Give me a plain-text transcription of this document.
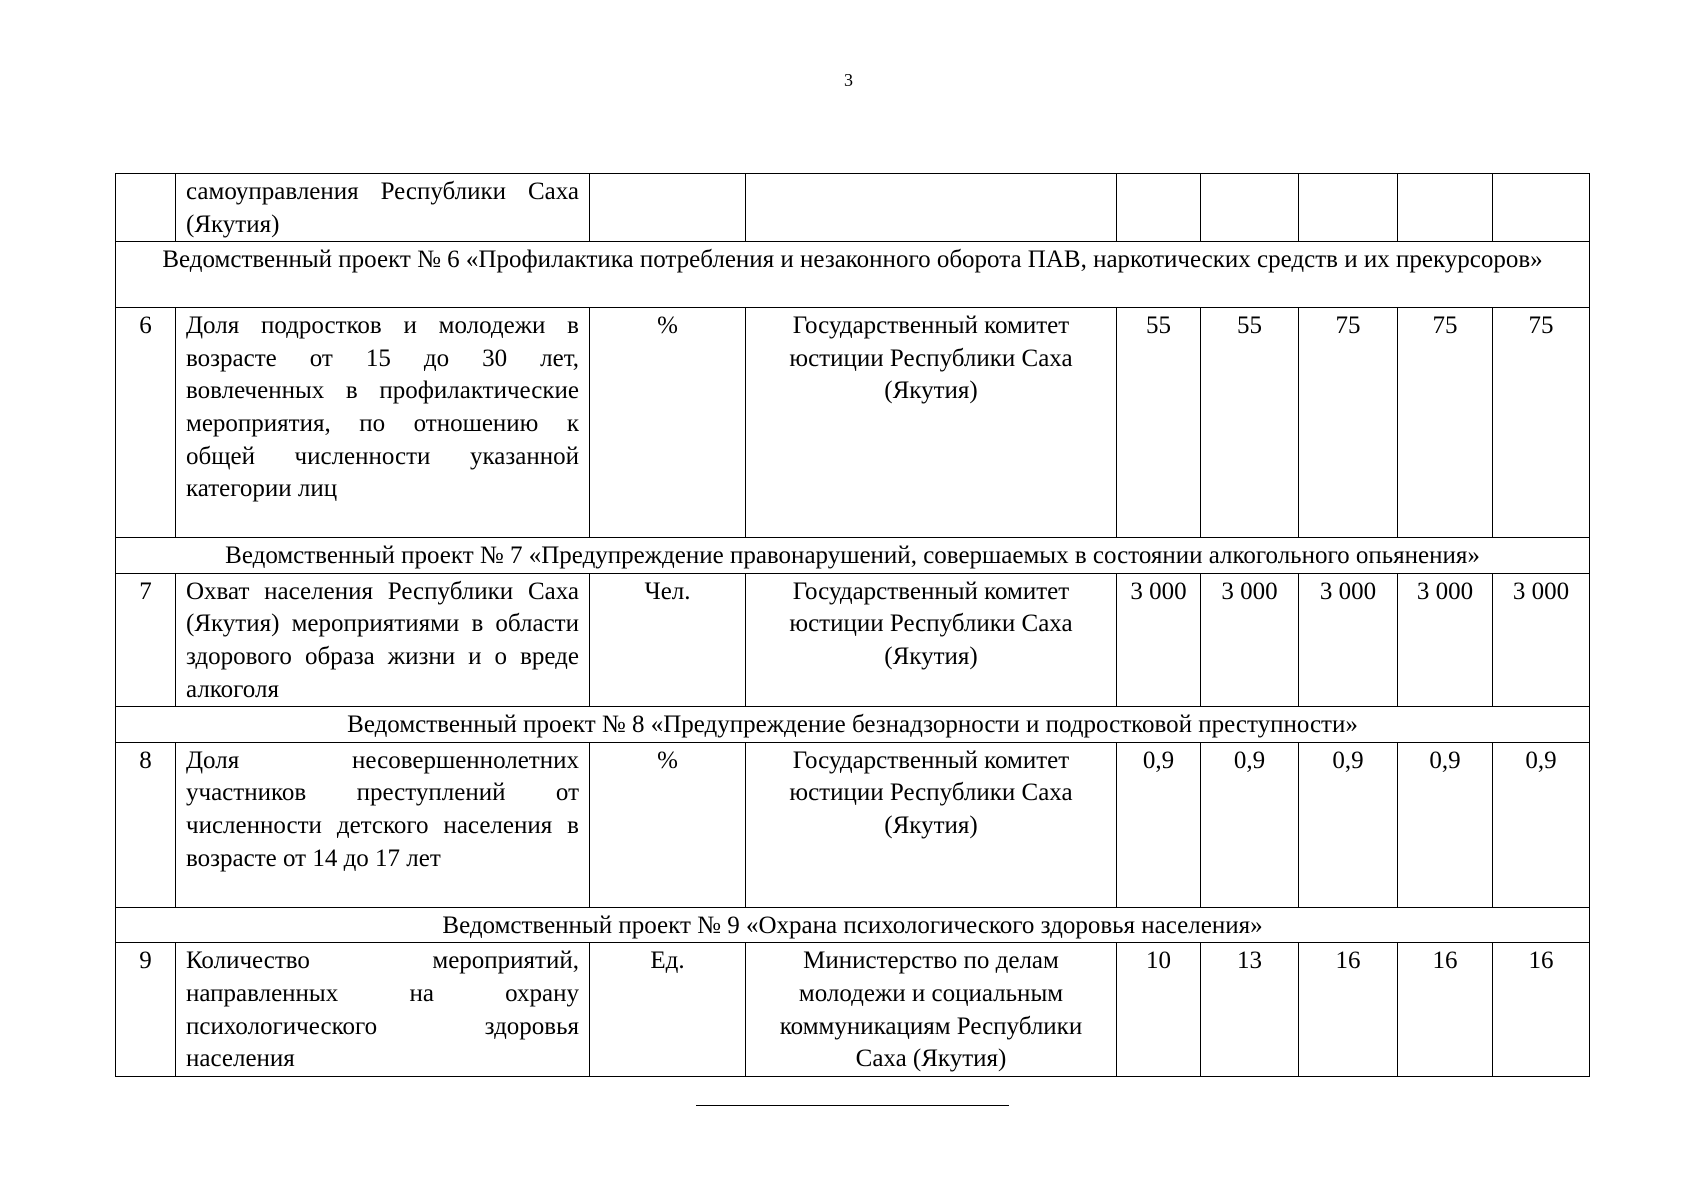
3
	самоуправления Республики Саха (Якутия)							
Ведомственный проект № 6 «Профилактика потребления и незаконного оборота ПАВ, наркотических средств и их прекурсоров»								
6	Доля подростков и молодежи в возрасте от 15 до 30 лет, вовлеченных в профилактические мероприятия, по отношению к общей численности указанной категории лиц	%	Государственный комитет юстиции Республики Саха (Якутия)	55	55	75	75	75
Ведомственный проект № 7 «Предупреждение правонарушений, совершаемых в состоянии алкогольного опьянения»								
7	Охват населения Республики Саха (Якутия) мероприятиями в области здорового образа жизни и о вреде алкоголя	Чел.	Государственный комитет юстиции Республики Саха (Якутия)	3 000	3 000	3 000	3 000	3 000
Ведомственный проект № 8 «Предупреждение безнадзорности и подростковой преступности»								
8	Доля несовершеннолетних участников преступлений от численности детского населения в возрасте от 14 до 17 лет	%	Государственный комитет юстиции Республики Саха (Якутия)	0,9	0,9	0,9	0,9	0,9
Ведомственный проект № 9 «Охрана психологического здоровья населения»								
9	Количество мероприятий, направленных на охрану психологического здоровья населения	Ед.	Министерство по делам молодежи и социальным коммуникациям Республики Саха (Якутия)	10	13	16	16	16
